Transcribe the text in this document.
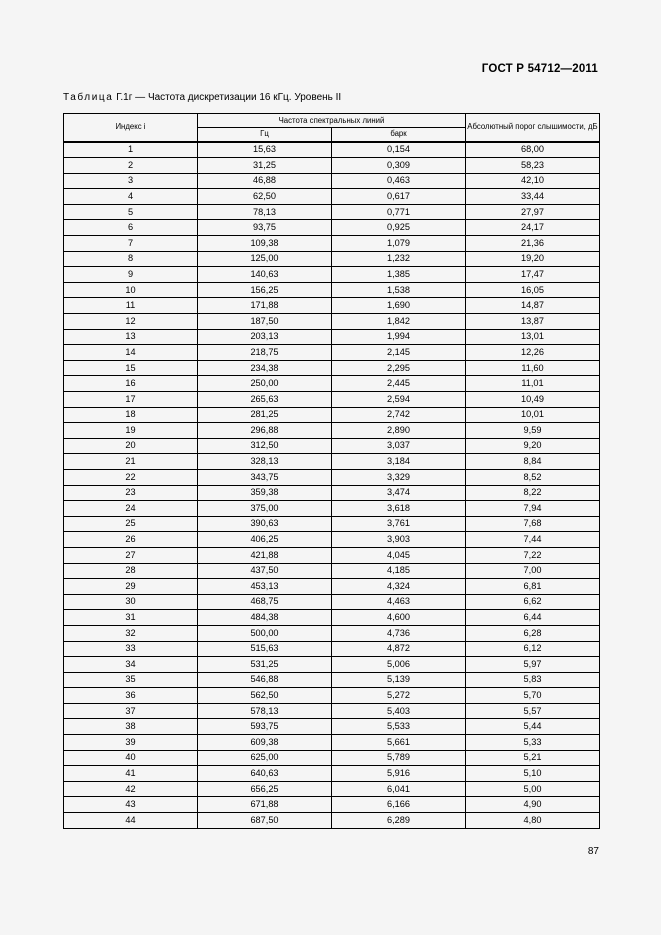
ГОСТ Р 54712—2011
Таблица Г.1г — Частота дискретизации 16 кГц. Уровень II
Индекс i	Частота спектральных линий		Абсолютный порог слышимости, дБ
	Гц	барк	
1	15,63	0,154	68,00
2	31,25	0,309	58,23
3	46,88	0,463	42,10
4	62,50	0,617	33,44
5	78,13	0,771	27,97
6	93,75	0,925	24,17
7	109,38	1,079	21,36
8	125,00	1,232	19,20
9	140,63	1,385	17,47
10	156,25	1,538	16,05
11	171,88	1,690	14,87
12	187,50	1,842	13,87
13	203,13	1,994	13,01
14	218,75	2,145	12,26
15	234,38	2,295	11,60
16	250,00	2,445	11,01
17	265,63	2,594	10,49
18	281,25	2,742	10,01
19	296,88	2,890	9,59
20	312,50	3,037	9,20
21	328,13	3,184	8,84
22	343,75	3,329	8,52
23	359,38	3,474	8,22
24	375,00	3,618	7,94
25	390,63	3,761	7,68
26	406,25	3,903	7,44
27	421,88	4,045	7,22
28	437,50	4,185	7,00
29	453,13	4,324	6,81
30	468,75	4,463	6,62
31	484,38	4,600	6,44
32	500,00	4,736	6,28
33	515,63	4,872	6,12
34	531,25	5,006	5,97
35	546,88	5,139	5,83
36	562,50	5,272	5,70
37	578,13	5,403	5,57
38	593,75	5,533	5,44
39	609,38	5,661	5,33
40	625,00	5,789	5,21
41	640,63	5,916	5,10
42	656,25	6,041	5,00
43	671,88	6,166	4,90
44	687,50	6,289	4,80
87
